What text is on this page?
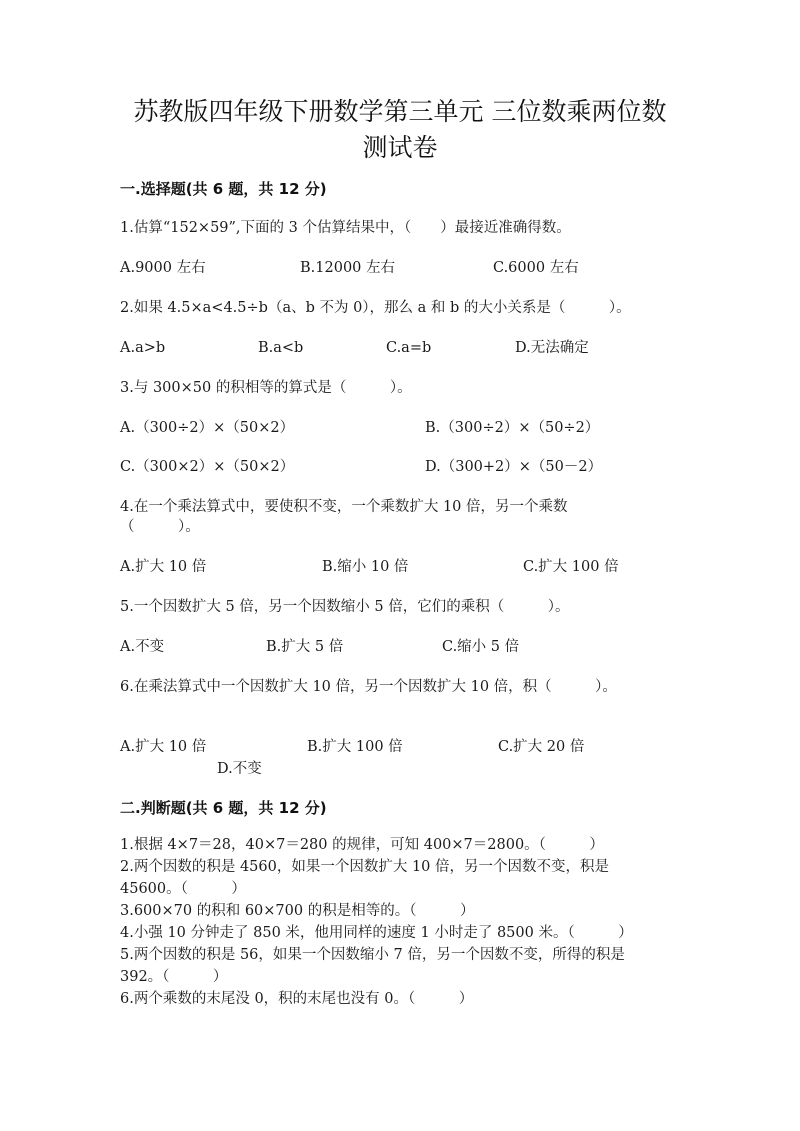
苏教版四年级下册数学第三单元 三位数乘两位数
测试卷
一.选择题(共 6 题，共 12 分)
1.估算“152×59”,下面的 3 个估算结果中，（　　）最接近准确得数。
A.9000 左右	B.12000 左右	C.6000 左右
2.如果 4.5×a<4.5÷b（a、b 不为 0），那么 a 和 b 的大小关系是（　　　）。
A.a>b	B.a<b	C.a=b	D.无法确定
3.与 300×50 的积相等的算式是（　　　）。
A.（300÷2）×（50×2）	B.（300÷2）×（50÷2）
C.（300×2）×（50×2）	D.（300+2）×（50－2）
4.在一个乘法算式中，要使积不变，一个乘数扩大 10 倍，另一个乘数
（　　　）。
A.扩大 10 倍	B.缩小 10 倍	C.扩大 100 倍
5.一个因数扩大 5 倍，另一个因数缩小 5 倍，它们的乘积（　　　）。
A.不变	B.扩大 5 倍	C.缩小 5 倍
6.在乘法算式中一个因数扩大 10 倍，另一个因数扩大 10 倍，积（　　　）。
A.扩大 10 倍	B.扩大 100 倍	C.扩大 20 倍
D.不变
二.判断题(共 6 题，共 12 分)
1.根据 4×7＝28，40×7＝280 的规律，可知 400×7＝2800。（　　　）
2.两个因数的积是 4560，如果一个因数扩大 10 倍，另一个因数不变，积是
45600。（　　　）
3.600×70 的积和 60×700 的积是相等的。（　　　）
4.小强 10 分钟走了 850 米，他用同样的速度 1 小时走了 8500 米。（　　　）
5.两个因数的积是 56，如果一个因数缩小 7 倍，另一个因数不变，所得的积是
392。（　　　）
6.两个乘数的末尾没 0，积的末尾也没有 0。（　　　）
